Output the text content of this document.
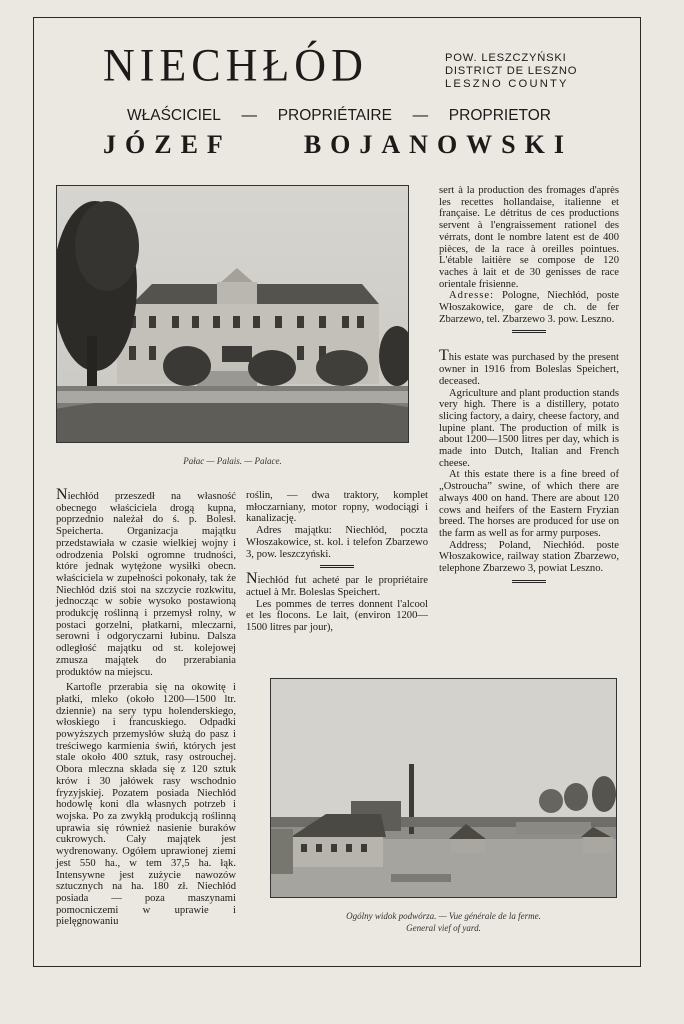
NIECHŁÓD	POW. LESZCZYŃSKI
DISTRICT DE LESZNO
LESZNO COUNTY
WŁAŚCICIEL — PROPRIÉTAIRE — PROPRIETOR
JÓZEF	BOJANOWSKI
Pałac — Palais. — Palace.

Niechłód przeszedł na własność obecnego właściciela drogą kupna, poprzednio należał do ś. p. Bolesł. Speicherta. Organizacja majątku przedstawiała w czasie wielkiej wojny i odrodzenia Polski ogromne trudności, które jednak wytężone wysiłki obecn. właściciela w zupełności pokonały, tak że Niechłód dziś stoi na szczycie rozkwitu, jednocząc w sobie wysoko postawioną produkcję roślinną i przemysł rolny, w postaci gorzelni, płatkarni, mleczarni, serowni i odgoryczarni łubinu. Dalsza odległość majątku od st. kolejowej zmusza majątek do przerabiania produktów na miejscu.

Kartofle przerabia się na okowitę i płatki, mleko (około 1200—1500 ltr. dziennie) na sery typu holenderskiego, włoskiego i francuskiego. Odpadki powyższych przemysłów służą do pasz i treściwego karmienia świń, których jest stale około 400 sztuk, rasy ostrouchej. Obora mleczna składa się z 120 sztuk krów i 30 jałówek rasy wschodnio fryzyjskiej. Pozatem posiada Niechłód hodowlę koni dla własnych potrzeb i wojska. Po za zwykłą produkcją roślinną uprawia się również nasienie buraków cukrowych. Cały majątek jest wydrenowany. Ogółem uprawionej ziemi jest 550 ha., w tem 37,5 ha. łąk. Intensywne jest zużycie nawozów sztucznych na ha. 180 zł. Niechłód posiada — poza maszynami pomocniczemi w uprawie i pielęgnowaniu

roślin, — dwa traktory, komplet młoczarniany, motor ropny, wodociągi i kanalizację.

Adres majątku: Niechłód, poczta Włoszakowice, st. kol. i telefon Zbarzewo 3, pow. leszczyński.

Niechłód fut acheté par le propriétaire actuel à Mr. Boleslas Speichert.

Les pommes de terres donnent l'alcool et les flocons. Le lait, (environ 1200—1500 litres par jour),

sert à la production des fromages d'après les recettes hollandaise, italienne et française. Le détritus de ces productions servent à l'engraissement rationel des vérrats, dont le nombre latent est de 400 pièces, de la race à oreilles pointues. L'étable laitière se compose de 120 vaches à lait et de 30 genisses de race orientale frisienne.

Adresse: Pologne, Niechłód, poste Włoszakowice, gare de ch. de fer Zbarzewo, tel. Zbarzewo 3. pow. Leszno.

This estate was purchased by the present owner in 1916 from Boleslas Speichert, deceased.

Agriculture and plant production stands very high. There is a distillery, potato slicing factory, a dairy, cheese factory, and lupine plant. The production of milk is about 1200—1500 litres per day, which is made into Dutch, Italian and French cheese.

At this estate there is a fine breed of „Ostroucha” swine, of which there are always 400 on hand. There are about 120 cows and heifers of the Eastern Fryzian breed. The horses are produced for use on the farm as well as for army purposes.

Address; Poland, Niechłód. poste Włoszakowice, railway station Zbarzewo, telephone Zbarzewo 3, powiat Leszno.

Ogólny widok podwórza. — Vue générale de la ferme.
General vief of yard.
